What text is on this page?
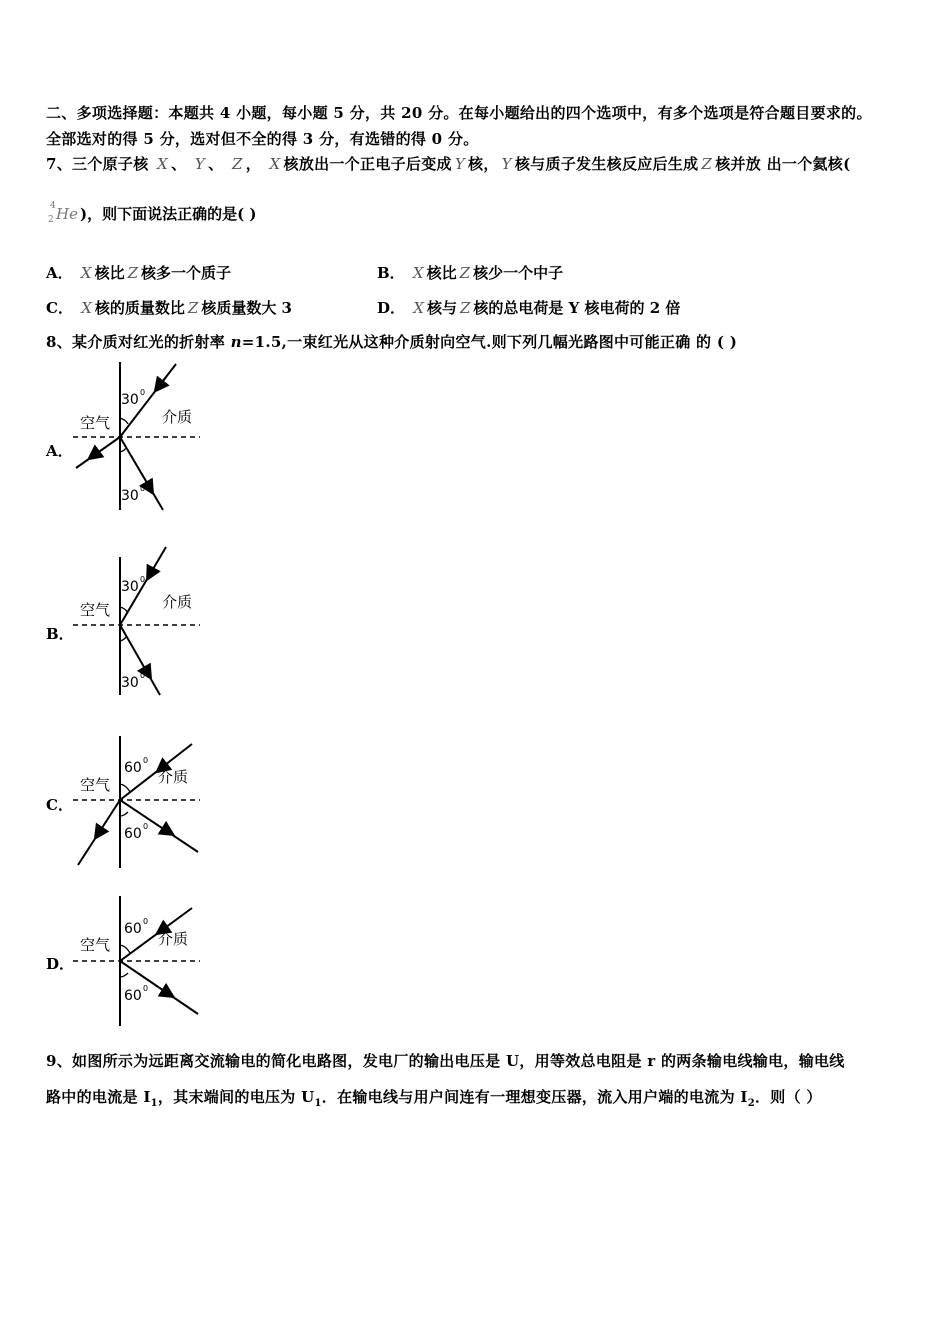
二、多项选择题：本题共 4 小题，每小题 5 分，共 20 分。在每小题给出的四个选项中，有多个选项是符合题目要求的。
全部选对的得 5 分，选对但不全的得 3 分，有选错的得 0 分。
7、三个原子核 X 、 Y 、 Z ， X 核放出一个正电子后变成 Y 核， Y 核与质子发生核反应后生成 Z 核并放 出一个氦核(
4
2 He )，则下面说法正确的是( )
A． X 核比 Z 核多一个质子	B． X 核比 Z 核少一个中子
C． X 核的质量数比 Z 核质量数大 3	D． X 核与 Z 核的总电荷是 Y 核电荷的 2 倍
8、某介质对红光的折射率 n=1.5,一束红光从这种介质射向空气.则下列几幅光路图中可能正确 的 ( )
A．
30 0
30 0
空气	介质
B．
30 0
30 0
空气	介质
C．
60 0
60 0
空气	介质
D．
60 0
60 0
空气	介质
9、如图所示为远距离交流输电的简化电路图，发电厂的输出电压是 U，用等效总电阻是 r 的两条输电线输电，输电线
路中的电流是 $I_1$，其末端间的电压为 $U_1$．在输电线与用户间连有一理想变压器，流入用户端的电流为 $I_2$．则（ ）
